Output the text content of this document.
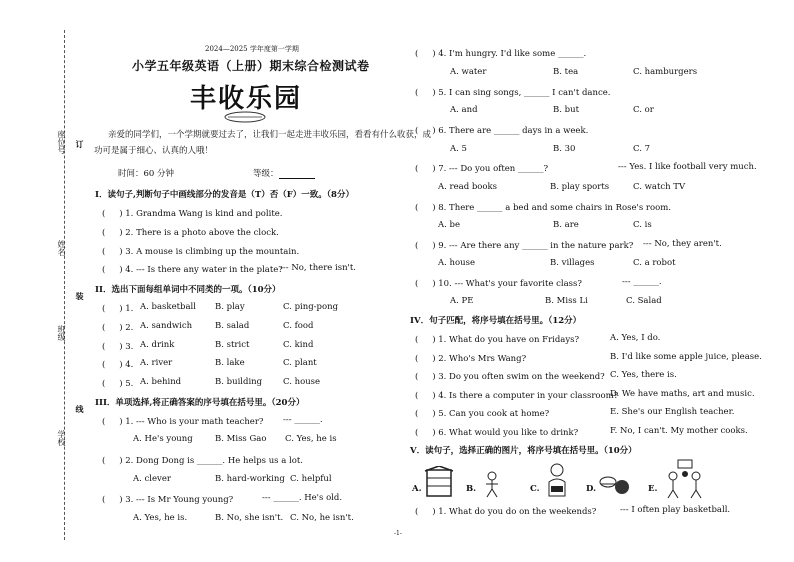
座位号
姓名
班级
学校
订
装
线
2024—2025 学年度第一学期
小学五年级英语（上册）期末综合检测试卷
丰收乐园
亲爱的同学们，一个学期就要过去了，让我们一起走进丰收乐园，看看有什么收获，成
功可是属于细心、认真的人哦！
时间：60 分钟	等级：
I．读句子,判断句子中画线部分的发音是（T）否（F）一致。（8分）
( 　 ) 1. Grandma Wang is kind and polite.
( 　 ) 2. There is a photo above the clock.
( 　 ) 3. A mouse is climbing up the mountain.
( 　 ) 4. --- Is there any water in the plate?
--- No, there isn't.
II．选出下面每组单词中不同类的一项。（10分）
( 　 ) 1. A. basketball B. play	C. ping-pong
( 　 ) 2. A. sandwich	B. salad	C. food
( 　 ) 3. A. drink	B. strict	C. kind
( 　 ) 4. A. river	B. lake	C. plant
( 　 ) 5. A. behind	B. building C. house
III．单项选择,将正确答案的序号填在括号里。（20分）
( 　 ) 1. --- Who is your math teacher? --- ______.
A. He's young	B. Miss Gao C. Yes, he is
( 　 ) 2. Dong Dong is ______. He helps us a lot.
A. clever	B. hard-working C. helpful
( 　 ) 3. --- Is Mr Young young?	--- ______. He's old.
A. Yes, he is.	B. No, she isn't. C. No, he isn't.
( 　 ) 4. I'm hungry. I'd like some ______.
A. water	B. tea	C. hamburgers
( 　 ) 5. I can sing songs, ______ I can't dance.
A. and	B. but	C. or
( 　 ) 6. There are ______ days in a week.
A. 5	B. 30	C. 7
( 　 ) 7. --- Do you often ______?	--- Yes. I like football very much.
A. read books	B. play sports	C. watch TV
( 　 ) 8. There ______ a bed and some chairs in Rose's room.
A. be	B. are	C. is
( 　 ) 9. --- Are there any ______ in the nature park? --- No, they aren't.
A. house	B. villages	C. a robot
( 　 ) 10. --- What's your favorite class?	--- ______.
A. PE	B. Miss Li	C. Salad
IV．句子匹配，将序号填在括号里。（12分）
( 　 ) 1. What do you have on Fridays?	A. Yes, I do.
( 　 ) 2. Who's Mrs Wang?	B. I'd like some apple juice, please.
( 　 ) 3. Do you often swim on the weekend? C. Yes, there is.
( 　 ) 4. Is there a computer in your classroom?
D. We have maths, art and music.
( 　 ) 5. Can you cook at home?	E. She's our English teacher.
( 　 ) 6. What would you like to drink?	F. No, I can't. My mother cooks.
V．读句子，选择正确的图片，将序号填在括号里。（10分）
A.	B.	C.	D.	E.
( 　 ) 1. What do you do on the weekends?	--- I often play basketball.
-1-
